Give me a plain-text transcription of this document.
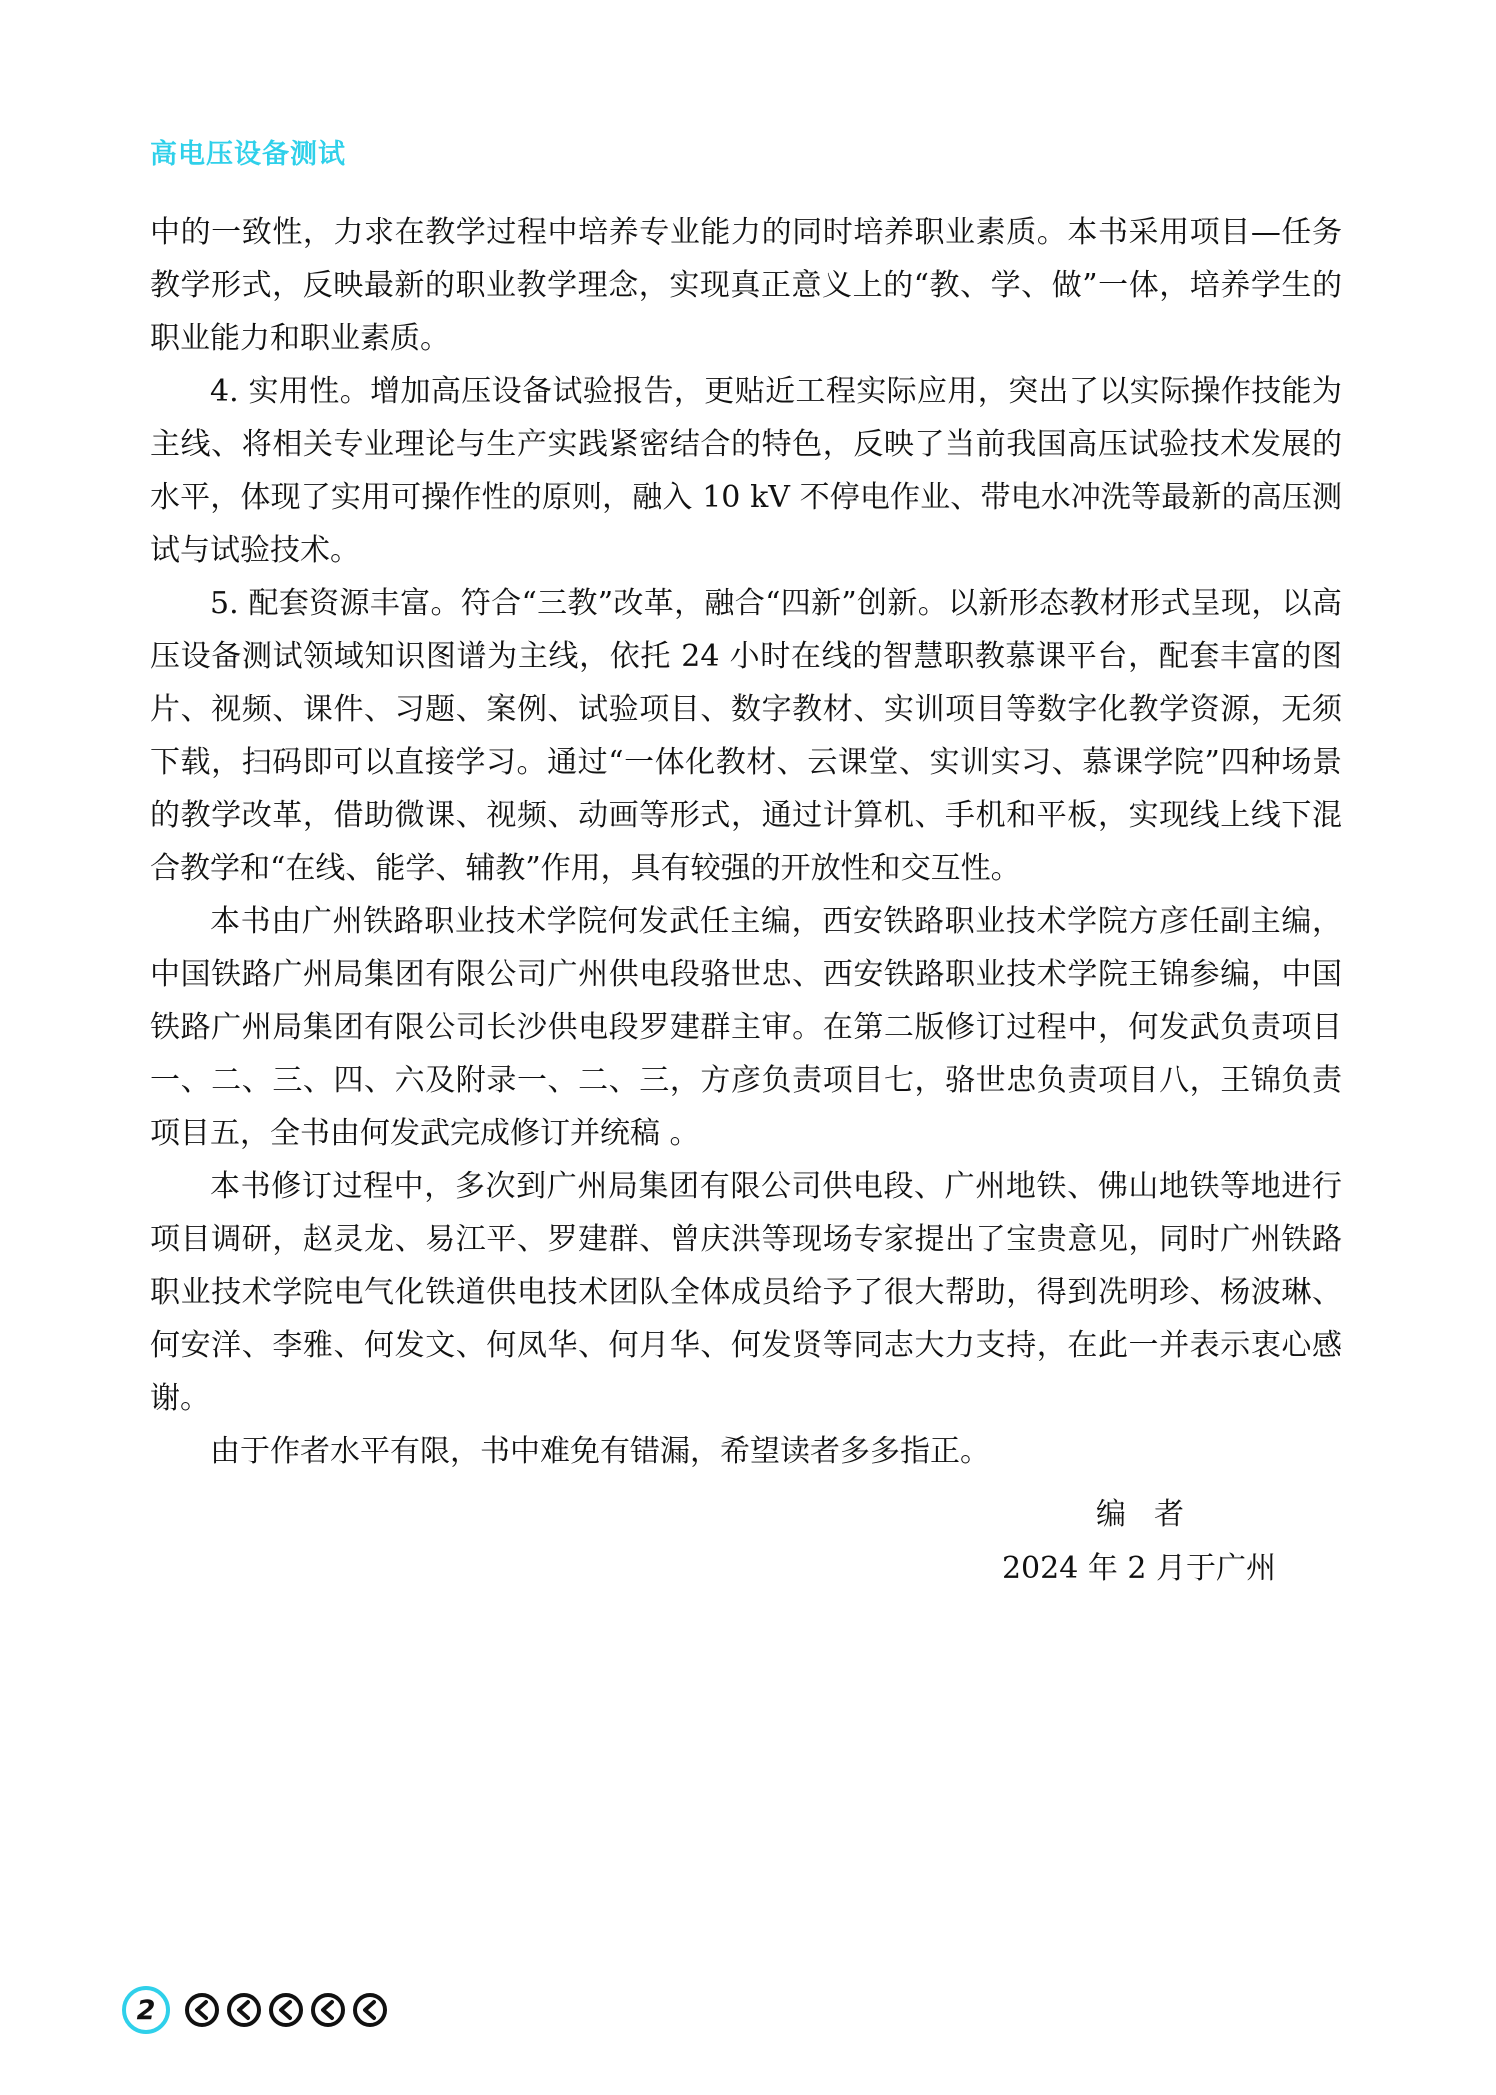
高电压设备测试

中的一致性，力求在教学过程中培养专业能力的同时培养职业素质。本书采用项目—任务教学形式，反映最新的职业教学理念，实现真正意义上的“教、学、做”一体，培养学生的职业能力和职业素质。

4. 实用性。增加高压设备试验报告，更贴近工程实际应用，突出了以实际操作技能为主线、将相关专业理论与生产实践紧密结合的特色，反映了当前我国高压试验技术发展的水平，体现了实用可操作性的原则，融入 10 kV 不停电作业、带电水冲洗等最新的高压测试与试验技术。

5. 配套资源丰富。符合“三教”改革，融合“四新”创新。以新形态教材形式呈现，以高压设备测试领域知识图谱为主线，依托 24 小时在线的智慧职教慕课平台，配套丰富的图片、视频、课件、习题、案例、试验项目、数字教材、实训项目等数字化教学资源，无须下载，扫码即可以直接学习。通过“一体化教材、云课堂、实训实习、慕课学院”四种场景的教学改革，借助微课、视频、动画等形式，通过计算机、手机和平板，实现线上线下混合教学和“在线、能学、辅教”作用，具有较强的开放性和交互性。

本书由广州铁路职业技术学院何发武任主编，西安铁路职业技术学院方彦任副主编，中国铁路广州局集团有限公司广州供电段骆世忠、西安铁路职业技术学院王锦参编，中国铁路广州局集团有限公司长沙供电段罗建群主审。在第二版修订过程中，何发武负责项目一、二、三、四、六及附录一、二、三，方彦负责项目七，骆世忠负责项目八，王锦负责项目五，全书由何发武完成修订并统稿 。

本书修订过程中，多次到广州局集团有限公司供电段、广州地铁、佛山地铁等地进行项目调研，赵灵龙、易江平、罗建群、曾庆洪等现场专家提出了宝贵意见，同时广州铁路职业技术学院电气化铁道供电技术团队全体成员给予了很大帮助，得到冼明珍、杨波琳、何安洋、李雅、何发文、何凤华、何月华、何发贤等同志大力支持，在此一并表示衷心感谢。

由于作者水平有限，书中难免有错漏，希望读者多多指正。

编者
2024 年 2 月于广州
2
